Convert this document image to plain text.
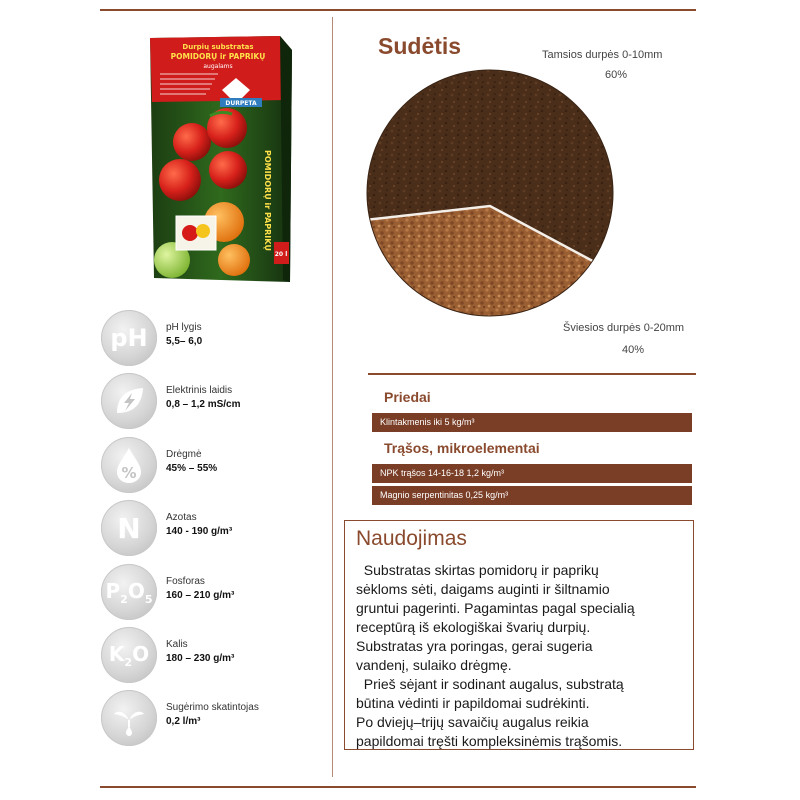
Durpių substratas
POMIDORŲ ir PAPRIKŲ
augalams
DURPETA
POMIDORŲ ir PAPRIKŲ
20 l
pH pH lygis
5,5– 6,0
Elektrinis laidis
0,8 – 1,2 mS/cm
%
Drėgmė
45% – 55%
N	Azotas
140 - 190 g/m³
$P_2O_5$
Fosforas
160 – 210 g/m³
$K_2O$ Kalis
180 – 230 g/m³
Sugėrimo skatintojas
0,2 l/m³
Sudėtis	Tamsios durpės 0-10mm
60%
Šviesios durpės 0-20mm
40%
Priedai
Klintakmenis iki 5 kg/m³
Trąšos, mikroelementai
NPK trąšos 14-16-18 1,2 kg/m³
Magnio serpentinitas 0,25 kg/m³
Naudojimas
Substratas skirtas pomidorų ir paprikų
sėkloms sėti, daigams auginti ir šiltnamio
gruntui pagerinti. Pagamintas pagal specialią
receptūrą iš ekologiškai švarių durpių.
Substratas yra poringas, gerai sugeria
vandenį, sulaiko drėgmę.
Prieš sėjant ir sodinant augalus, substratą
būtina vėdinti ir papildomai sudrėkinti.
Po dviejų–trijų savaičių augalus reikia
papildomai tręšti kompleksinėmis trąšomis.
